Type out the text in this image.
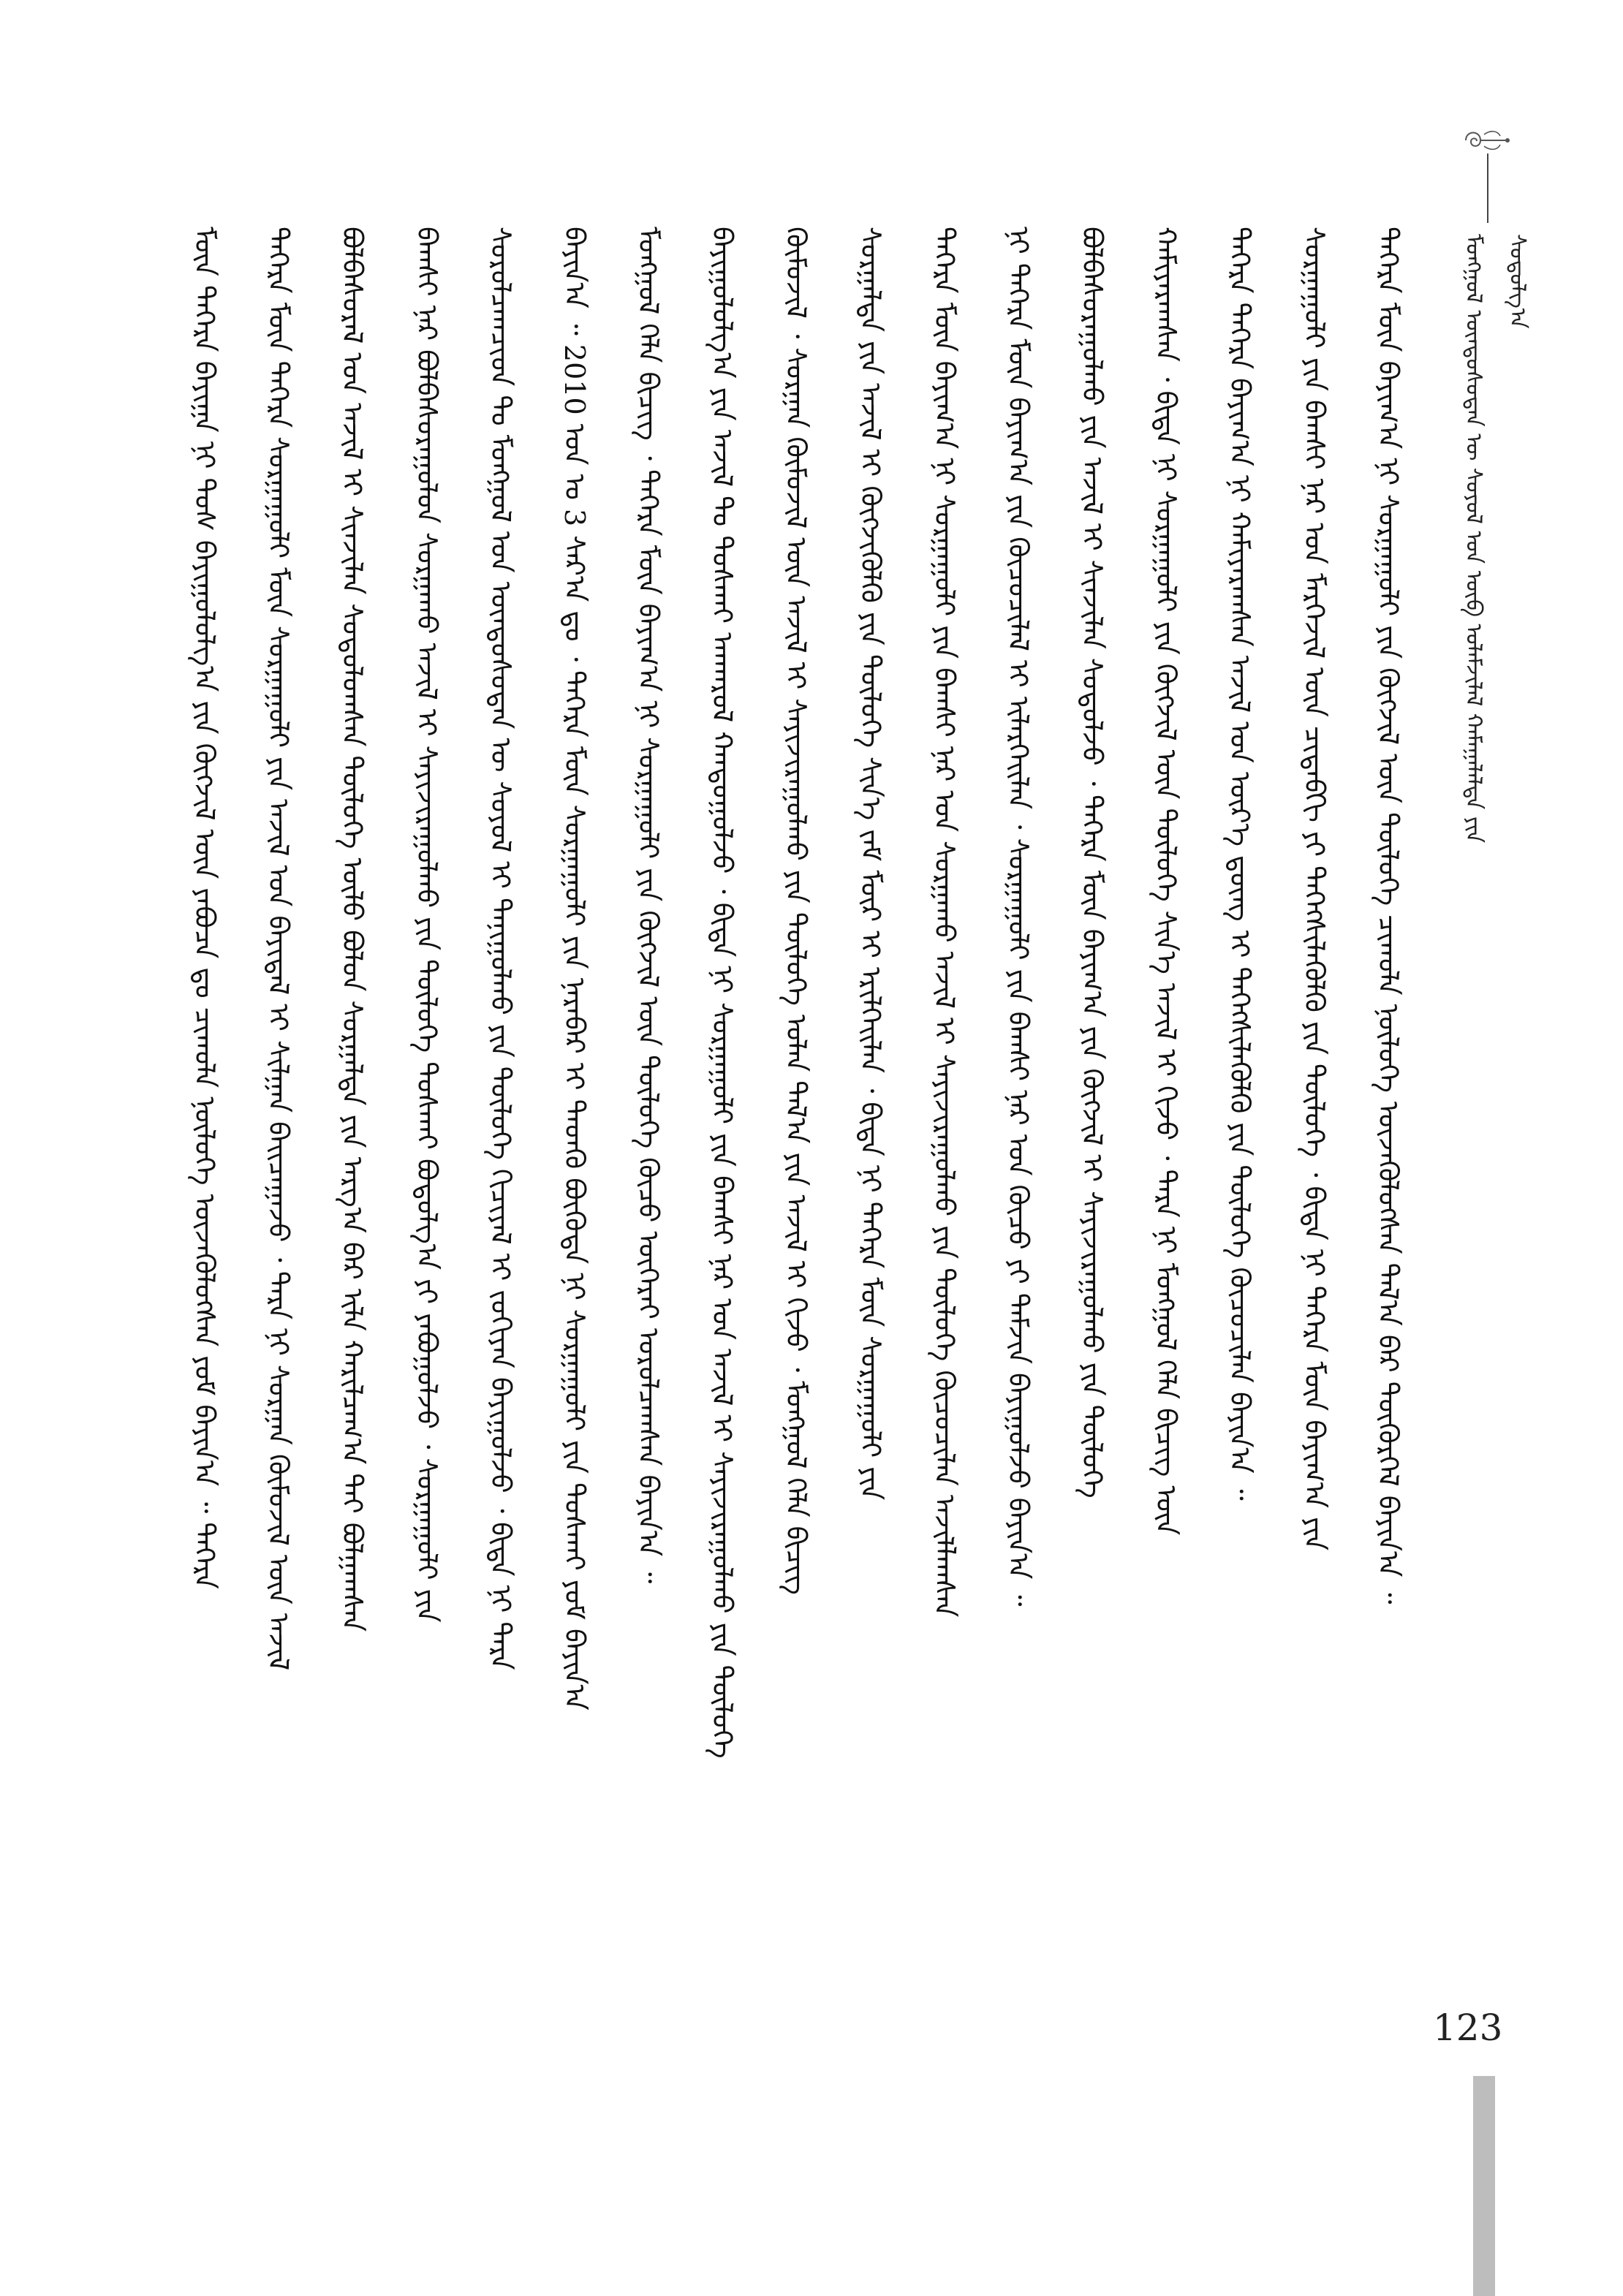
ᠮᠣᠩᠭᠣᠯ ᠦᠨᠳᠦᠰᠦᠲᠡᠨ ᠦ ᠰᠣᠶᠣᠯ ᠤᠨ ᠦᠪ ᠤᠯᠠᠮᠵᠢᠯᠠᠯ ᠬᠠᠮᠠᠭᠠᠯᠠᠯᠲᠠ ᠶᠢᠨ ᠰᠤᠳᠤᠯᠭ᠎ᠠ
ᠮᠥᠨ ᠲᠡᠭᠡᠷᠡ ᠪᠠᠶᠢᠭᠠ ᠨᠢ ᠲᠤᠰ ᠪᠠᠶᠢᠭᠤᠯᠤᠯᠭ᠎ᠠ ᠶᠢᠨ ᠬᠥᠭᠵᠢᠯ ᠦᠨ ᠶᠠᠪᠤᠴᠠ ᠳᠤ ᠴᠢᠬᠤᠯᠠ ᠨᠥᠯᠦᠭᠡ ᠦᠵᠡᠭᠦᠯᠦᠭᠰᠡᠨ ᠶᠤᠮ ᠪᠠᠶᠢᠨ᠎ᠠ ᠃ ᠲᠡᠭᠡᠷᠡ	ᠲᠡᠭᠡᠷᠡ ᠮᠥᠨ ᠲᠡᠭᠡᠷᠡ ᠰᠤᠷᠭᠠᠭᠤᠯᠢ ᠮᠥᠨ ᠰᠤᠷᠭᠠᠭᠤᠯᠢ ᠶᠢᠨ ᠠᠵᠢᠯ ᠤᠨ ᠪᠠᠶᠢᠳᠠᠯ ᠢ ᠰᠢᠯᠭᠠᠨ ᠪᠠᠢᠴᠠᠭᠠᠵᠤ ᠂ ᠲᠡᠷᠡ ᠨᠢ ᠰᠤᠷᠭᠠᠨ ᠬᠥᠮᠦᠵᠢᠯ ᠦᠨ ᠠᠵᠢᠯ	ᠪᠣᠯᠪᠠᠰᠤᠷᠠᠯ ᠤᠨ ᠠᠵᠢᠯ ᠢ ᠰᠢᠨᠵᠢᠯᠡᠨ ᠰᠤᠳᠤᠯᠤᠭᠰᠠᠨ ᠲᠥᠯᠦᠭᠡ ᠦᠯᠦ ᠪᠣᠯᠤᠨ ᠰᠤᠷᠭᠠᠯᠲᠠ ᠶᠢᠨ ᠠᠷᠭ᠎ᠠ ᠪᠠᠷ ᠢᠯᠡ ᠬᠠᠷᠢᠯᠴᠠᠭ᠎ᠠ ᠲᠠᠢ ᠪᠣᠯᠭᠠᠭᠰᠠᠨ	ᠪᠠᠭᠰᠢ ᠨᠠᠷ ᠪᠣᠯᠪᠠᠰᠤᠷᠠᠭᠤᠯᠤᠨ ᠰᠤᠷᠭᠠᠬᠤ ᠠᠵᠢᠯ ᠢ ᠰᠠᠶᠢᠵᠢᠷᠠᠭᠤᠯᠬᠤ ᠶᠢᠨ ᠲᠥᠯᠦᠭᠡ ᠲᠤᠰᠬᠠᠢ ᠪᠤᠳᠤᠯᠭ᠎ᠠ ᠶᠢ ᠶᠠᠪᠤᠭᠤᠯᠵᠤ ᠂ ᠰᠤᠷᠭᠠᠭᠤᠯᠢ ᠶᠢᠨ	ᠰᠤᠷᠤᠯᠴᠠᠭᠴᠢᠳ ᠲᠤ ᠮᠣᠩᠭᠣᠯ ᠤᠨ ᠦᠨᠳᠦᠰᠦᠲᠡᠨ ᠦ ᠰᠣᠶᠣᠯ ᠢ ᠲᠠᠨᠢᠭᠤᠯᠬᠤ ᠶᠢᠨ ᠲᠥᠯᠦᠭᠡ ᠬᠢᠴᠢᠶᠡᠯ ᠢ ᠵᠣᠬᠢᠶᠠᠨ ᠪᠠᠶᠢᠭᠤᠯᠵᠤ ᠂ ᠪᠢᠳᠡ ᠨᠢ ᠲᠡᠷᠡ	ᠪᠠᠶᠢᠨ᠎ᠠ ᠃ 2010 ᠣᠨ ᠤ 3 ᠰᠠᠷ᠎ᠠ ᠳᠤ ᠂ ᠲᠡᠭᠡᠷᠡ ᠮᠥᠨ ᠰᠤᠷᠭᠠᠭᠤᠯᠢ ᠶᠢᠨ ᠨᠡᠷᠡᠪᠡᠷ ᠢ ᠲᠡᠳᠬᠦ ᠪᠦᠭᠦᠳᠡ ᠨᠢ ᠰᠤᠷᠭᠠᠭᠤᠯᠢ ᠶᠢᠨ ᠲᠤᠰᠬᠠᠢ ᠶᠤᠮ ᠪᠠᠶᠢᠨ᠎ᠠ	ᠮᠣᠩᠭᠣᠯ ᠬᠡᠯᠡ ᠪᠢᠴᠢᠭ᠌ ᠂ ᠲᠡᠭᠡᠷᠡ ᠮᠥᠨ ᠪᠠᠶᠢᠭ᠎ᠠ ᠨᠢ ᠰᠤᠷᠭᠠᠭᠤᠯᠢ ᠶᠢᠨ ᠬᠥᠭᠵᠢᠯ ᠦᠨ ᠲᠥᠯᠦᠭᠡ ᠬᠦᠴᠦ ᠦᠭᠡᠷᠡᠢ ᠣᠷᠤᠯᠴᠠᠭᠰᠠᠨ ᠪᠠᠶᠢᠨ᠎ᠠ ᠃	ᠪᠠᠶᠢᠭᠤᠯᠤᠯᠭ᠎ᠠ ᠶᠢᠨ ᠠᠵᠢᠯ ᠲᠤ ᠲᠤᠰᠬᠠᠢ ᠠᠨᠬᠠᠷᠤᠯ ᠬᠠᠨᠳᠤᠭᠤᠯᠵᠤ ᠂ ᠪᠢᠳᠡ ᠨᠢ ᠰᠤᠷᠭᠠᠭᠤᠯᠢ ᠶᠢᠨ ᠪᠠᠭᠰᠢ ᠨᠠᠷ ᠤᠨ ᠠᠵᠢᠯ ᠢ ᠰᠠᠶᠢᠵᠢᠷᠠᠭᠤᠯᠬᠤ ᠶᠢᠨ ᠲᠥᠯᠦᠭᠡ	ᠬᠦᠮᠦᠵᠢᠯ ᠂ ᠰᠤᠷᠭᠠᠨ ᠬᠥᠮᠦᠵᠢᠯ ᠦᠨ ᠠᠵᠢᠯ ᠢ ᠰᠠᠶᠢᠵᠢᠷᠠᠭᠤᠯᠬᠤ ᠶᠢᠨ ᠲᠥᠯᠦᠭᠡ ᠣᠯᠠᠨ ᠲᠠᠯ᠎ᠠ ᠶᠢᠨ ᠠᠵᠢᠯ ᠢ ᠬᠢᠵᠦ ᠂ ᠮᠣᠩᠭᠣᠯ ᠬᠡᠯᠡ ᠪᠢᠴᠢᠭ᠌	ᠰᠤᠷᠭᠠᠯᠲᠠ ᠶᠢᠨ ᠠᠵᠢᠯ ᠢ ᠬᠥᠭᠵᠢᠭᠦᠯᠬᠦ ᠶᠢᠨ ᠲᠥᠯᠦᠭᠡ ᠰᠢᠨ᠎ᠡ ᠵᠠᠮ ᠮᠥᠷ ᠢ ᠡᠷᠢᠯᠬᠡᠢᠯᠡᠨ ᠂ ᠪᠢᠳᠡ ᠨᠢ ᠲᠡᠭᠡᠷᠡ ᠮᠥᠨ ᠰᠤᠷᠭᠠᠭᠤᠯᠢ ᠶᠢᠨ	ᠲᠡᠭᠡᠷᠡ ᠮᠥᠨ ᠪᠠᠶᠢᠭ᠎ᠠ ᠨᠢ ᠰᠤᠷᠭᠠᠭᠤᠯᠢ ᠶᠢᠨ ᠪᠠᠭᠰᠢ ᠨᠠᠷ ᠤᠨ ᠰᠤᠷᠭᠠᠬᠤ ᠠᠵᠢᠯ ᠢ ᠰᠠᠶᠢᠵᠢᠷᠠᠭᠤᠯᠬᠤ ᠶᠢᠨ ᠲᠥᠯᠦᠭᠡ ᠬᠦᠴᠦᠴᠢᠯᠡᠨ ᠠᠵᠢᠯᠯᠠᠭᠰᠠᠨ	ᠨᠢ ᠲᠡᠭᠡᠷᠡ ᠮᠥᠨ ᠪᠠᠶᠢᠭ᠎ᠠ ᠶᠢᠨ ᠬᠦᠴᠦᠴᠢᠯᠡᠯ ᠢ ᠢᠯᠡᠷᠬᠡᠢᠯᠡᠨ ᠂ ᠰᠤᠷᠭᠠᠭᠤᠯᠢ ᠶᠢᠨ ᠪᠠᠭᠰᠢ ᠨᠠᠷ ᠤᠨ ᠬᠦᠴᠦ ᠶᠢ ᠳᠡᠮᠵᠢᠨ ᠪᠠᠶᠢᠭᠤᠯᠵᠤ ᠪᠠᠶᠢᠨ᠎ᠠ ᠃	ᠪᠤᠯᠪᠠᠰᠤᠷᠠᠭᠤᠯᠬᠤ ᠶᠢᠨ ᠠᠵᠢᠯ ᠢ ᠰᠢᠨᠵᠢᠯᠡᠨ ᠰᠤᠳᠤᠯᠵᠤ ᠂ ᠲᠡᠭᠡᠷᠡ ᠮᠥᠨ ᠪᠠᠶᠢᠭ᠎ᠠ ᠶᠢᠨ ᠬᠥᠭᠵᠢᠯ ᠢ ᠰᠠᠶᠢᠵᠢᠷᠠᠭᠤᠯᠬᠤ ᠶᠢᠨ ᠲᠥᠯᠦᠭᠡ	ᠬᠠᠮᠢᠶᠠᠷᠠᠭᠰᠠᠨ ᠂ ᠪᠢᠳᠡ ᠨᠢ ᠰᠤᠷᠭᠠᠭᠤᠯᠢ ᠶᠢᠨ ᠬᠥᠭᠵᠢᠯ ᠦᠨ ᠲᠥᠯᠦᠭᠡ ᠰᠢᠨ᠎ᠡ ᠠᠵᠢᠯ ᠢ ᠬᠢᠵᠦ ᠂ ᠲᠡᠷᠡ ᠨᠢ ᠮᠣᠩᠭᠣᠯ ᠬᠡᠯᠡ ᠪᠢᠴᠢᠭ᠌ ᠦᠨ	ᠲᠡᠭᠡᠷᠡ ᠲᠡᠭᠡᠷᠡ ᠪᠠᠶᠢᠭ᠎ᠠ ᠨᠢ ᠬᠠᠮᠢᠶᠠᠷᠠᠭᠰᠠᠨ ᠠᠵᠢᠯ ᠤᠨ ᠦᠷ᠎ᠡ ᠳ᠋ᠦᠩ ᠢ ᠳᠡᠭᠡᠭᠰᠢᠯᠡᠭᠦᠯᠬᠦ ᠶᠢᠨ ᠲᠥᠯᠦᠭᠡ ᠬᠦᠴᠦᠴᠢᠯᠡᠨ ᠪᠠᠶᠢᠨ᠎ᠠ ᠃	ᠰᠤᠷᠭᠠᠭᠤᠯᠢ ᠶᠢᠨ ᠪᠠᠭᠰᠢ ᠨᠠᠷ ᠤᠨ ᠮᠡᠷᠭᠡᠵᠢᠯ ᠦᠨ ᠴᠢᠳᠠᠪᠬᠢ ᠶᠢ ᠳᠡᠭᠡᠭᠰᠢᠯᠡᠭᠦᠯᠬᠦ ᠶᠢᠨ ᠲᠥᠯᠦᠭᠡ ᠂ ᠪᠢᠳᠡ ᠨᠢ ᠲᠡᠭᠡᠷᠡ ᠮᠥᠨ ᠪᠠᠶᠢᠭ᠎ᠠ ᠶᠢᠨ	ᠲᠡᠭᠡᠷᠡ ᠮᠥᠨ ᠪᠠᠶᠢᠭ᠎ᠠ ᠨᠢ ᠰᠤᠷᠭᠠᠭᠤᠯᠢ ᠶᠢᠨ ᠬᠥᠭᠵᠢᠯ ᠦᠨ ᠲᠥᠯᠦᠭᠡ ᠴᠢᠬᠤᠯᠠ ᠨᠥᠯᠦᠭᠡ ᠦᠵᠡᠭᠦᠯᠦᠭᠰᠡᠨ ᠲᠠᠯ᠎ᠠ ᠪᠠᠷ ᠳᠦᠭᠦᠷᠭᠡᠯ ᠪᠠᠶᠢᠨ᠎ᠠ ᠃
123
